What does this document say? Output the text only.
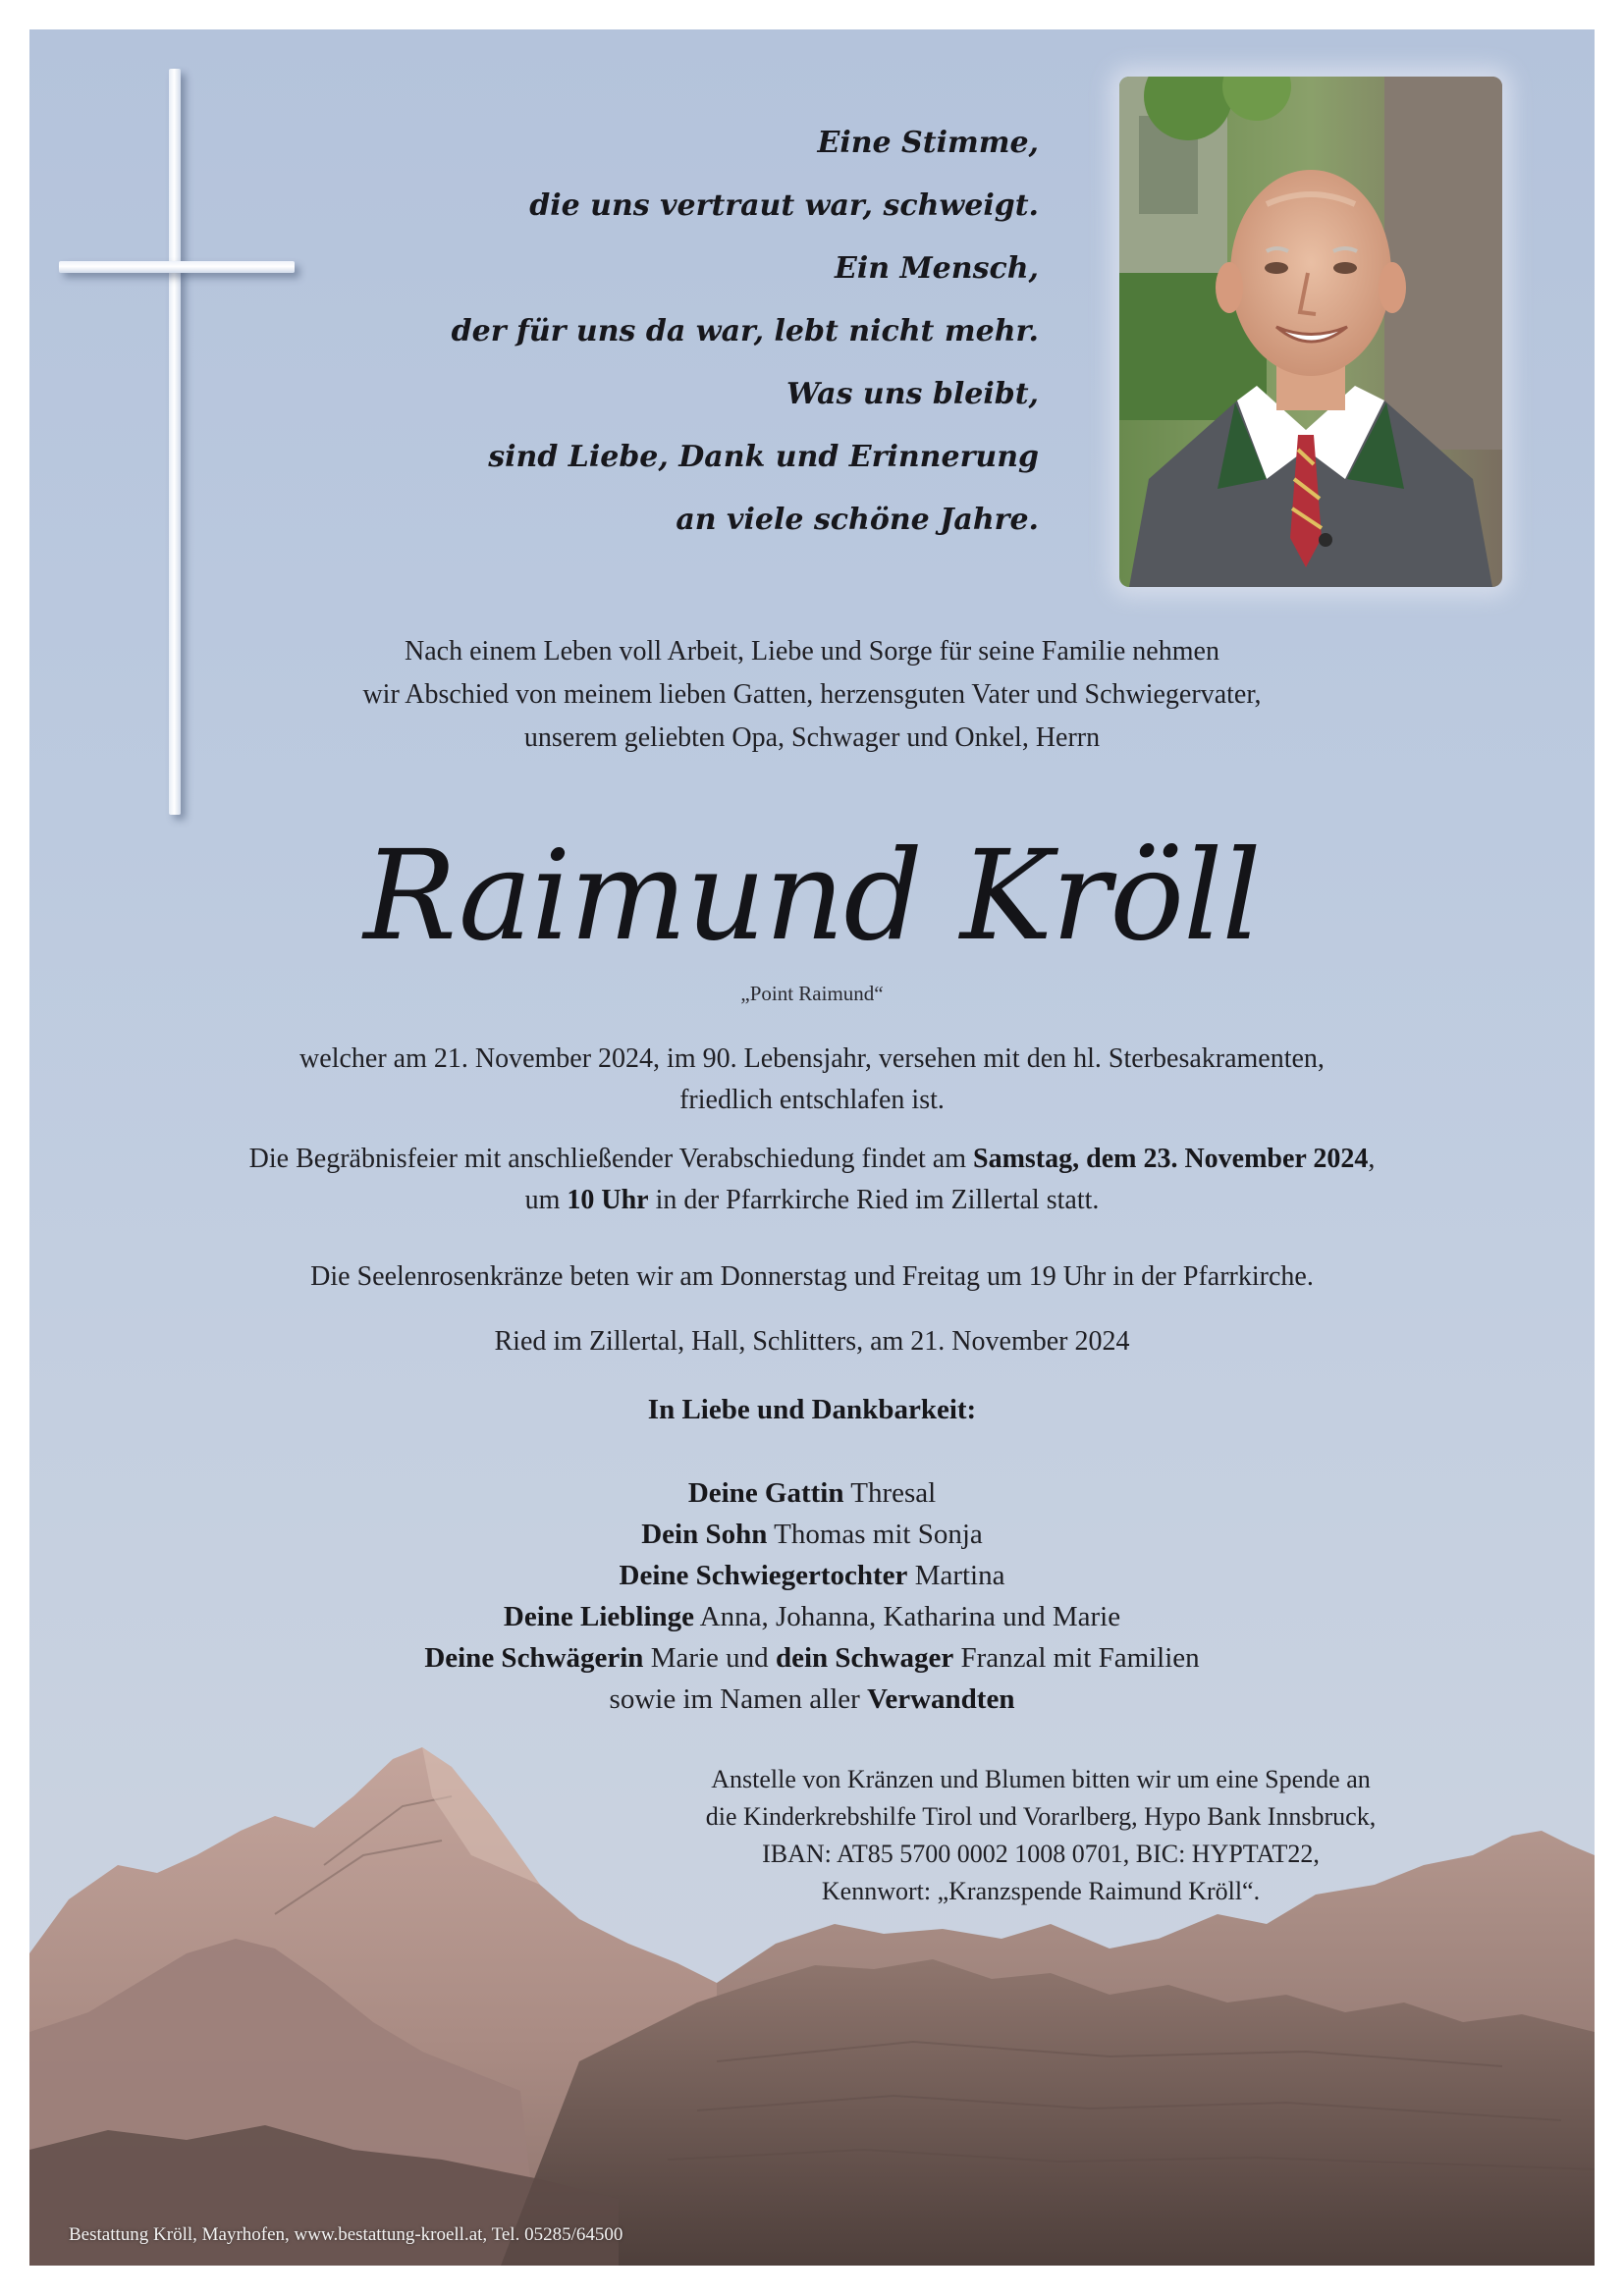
Eine Stimme,
die uns vertraut war, schweigt.
Ein Mensch,
der für uns da war, lebt nicht mehr.
Was uns bleibt,
sind Liebe, Dank und Erinnerung
an viele schöne Jahre.
Nach einem Leben voll Arbeit, Liebe und Sorge für seine Familie nehmen
wir Abschied von meinem lieben Gatten, herzensguten Vater und Schwiegervater,
unserem geliebten Opa, Schwager und Onkel, Herrn
Raimund Kröll
„Point Raimund“
welcher am 21. November 2024, im 90. Lebensjahr, versehen mit den hl. Sterbesakramenten,
friedlich entschlafen ist.
Die Begräbnisfeier mit anschließender Verabschiedung findet am Samstag, dem 23. November 2024,
um 10 Uhr in der Pfarrkirche Ried im Zillertal statt.
Die Seelenrosenkränze beten wir am Donnerstag und Freitag um 19 Uhr in der Pfarrkirche.
Ried im Zillertal, Hall, Schlitters, am 21. November 2024
In Liebe und Dankbarkeit:
Deine Gattin Thresal
Dein Sohn Thomas mit Sonja
Deine Schwiegertochter Martina
Deine Lieblinge Anna, Johanna, Katharina und Marie
Deine Schwägerin Marie und dein Schwager Franzal mit Familien
sowie im Namen aller Verwandten
Anstelle von Kränzen und Blumen bitten wir um eine Spende an
die Kinderkrebshilfe Tirol und Vorarlberg, Hypo Bank Innsbruck,
IBAN: AT85 5700 0002 1008 0701, BIC: HYPTAT22,
Kennwort: „Kranzspende Raimund Kröll“.
Bestattung Kröll, Mayrhofen, www.bestattung-kroell.at, Tel. 05285/64500
